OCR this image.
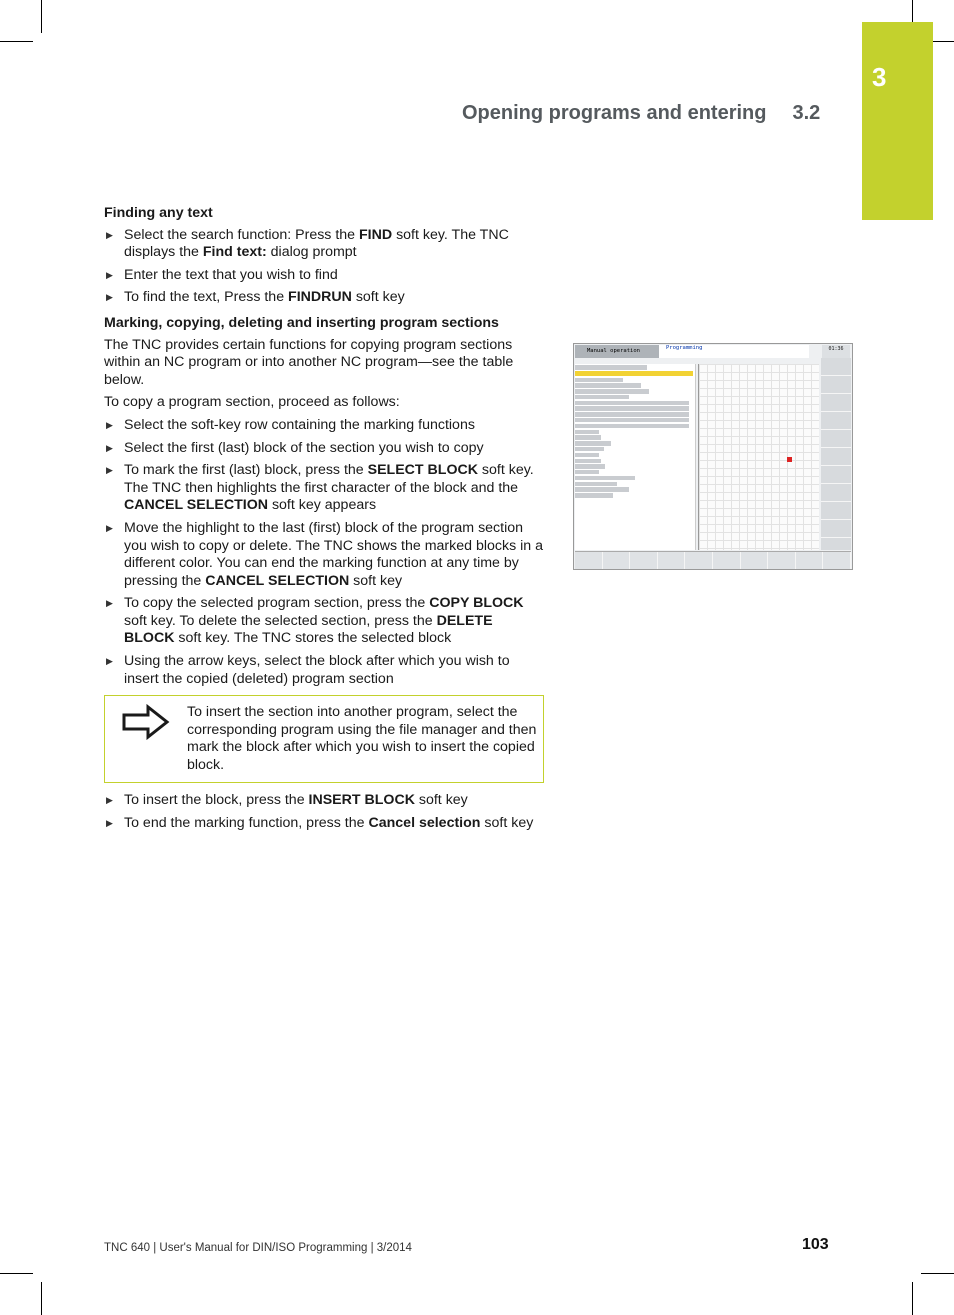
3
Opening programs and entering 3.2
Finding any text
▶ Select the search function: Press the FIND soft key. The TNC displays the Find text: dialog prompt
▶ Enter the text that you wish to find
▶ To find the text, Press the FINDRUN soft key
Marking, copying, deleting and inserting program sections
The TNC provides certain functions for copying program sections within an NC program or into another NC program—see the table below.
To copy a program section, proceed as follows:
▶ Select the soft-key row containing the marking functions
▶ Select the first (last) block of the section you wish to copy
▶ To mark the first (last) block, press the SELECT BLOCK soft key. The TNC then highlights the first character of the block and the CANCEL SELECTION soft key appears
▶ Move the highlight to the last (first) block of the program section you wish to copy or delete. The TNC shows the marked blocks in a different color. You can end the marking function at any time by pressing the CANCEL SELECTION soft key
▶ To copy the selected program section, press the COPY BLOCK soft key. To delete the selected section, press the DELETE BLOCK soft key. The TNC stores the selected block
▶ Using the arrow keys, select the block after which you wish to insert the copied (deleted) program section
To insert the section into another program, select the corresponding program using the file manager and then mark the block after which you wish to insert the copied block.
▶ To insert the block, press the INSERT BLOCK soft key
▶ To end the marking function, press the Cancel selection soft key
Manual operation	Programming	01:36
TNC 640 | User's Manual for DIN/ISO Programming | 3/2014	103
